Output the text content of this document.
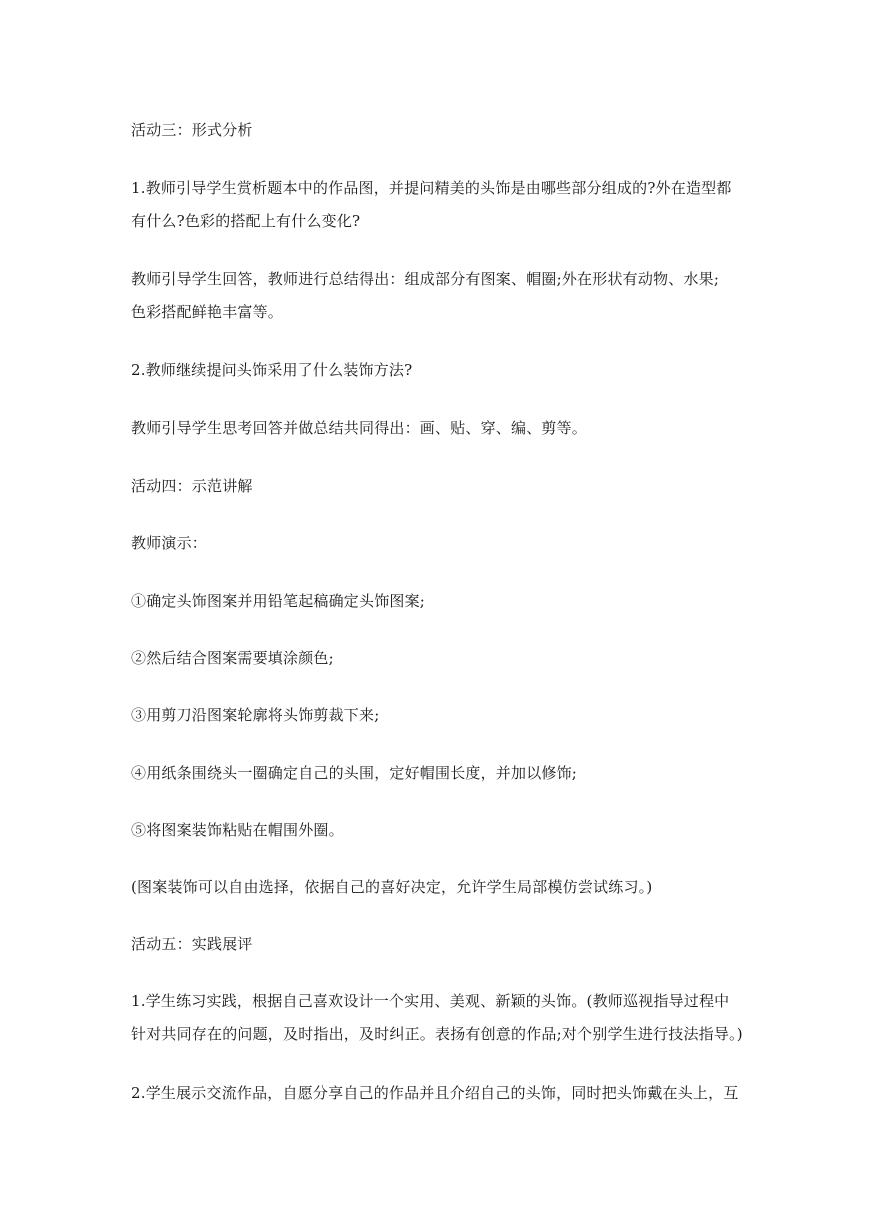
活动三：形式分析
1.教师引导学生赏析题本中的作品图，并提问精美的头饰是由哪些部分组成的?外在造型都
有什么?色彩的搭配上有什么变化?
教师引导学生回答，教师进行总结得出：组成部分有图案、帽圈;外在形状有动物、水果;
色彩搭配鲜艳丰富等。
2.教师继续提问头饰采用了什么装饰方法?
教师引导学生思考回答并做总结共同得出：画、贴、穿、编、剪等。
活动四：示范讲解
教师演示：
①确定头饰图案并用铅笔起稿确定头饰图案;
②然后结合图案需要填涂颜色;
③用剪刀沿图案轮廓将头饰剪裁下来;
④用纸条围绕头一圈确定自己的头围，定好帽围长度，并加以修饰;
⑤将图案装饰粘贴在帽围外圈。
(图案装饰可以自由选择，依据自己的喜好决定，允许学生局部模仿尝试练习。)
活动五：实践展评
1.学生练习实践，根据自己喜欢设计一个实用、美观、新颖的头饰。(教师巡视指导过程中
针对共同存在的问题，及时指出，及时纠正。表扬有创意的作品;对个别学生进行技法指导。)
2.学生展示交流作品，自愿分享自己的作品并且介绍自己的头饰，同时把头饰戴在头上，互
